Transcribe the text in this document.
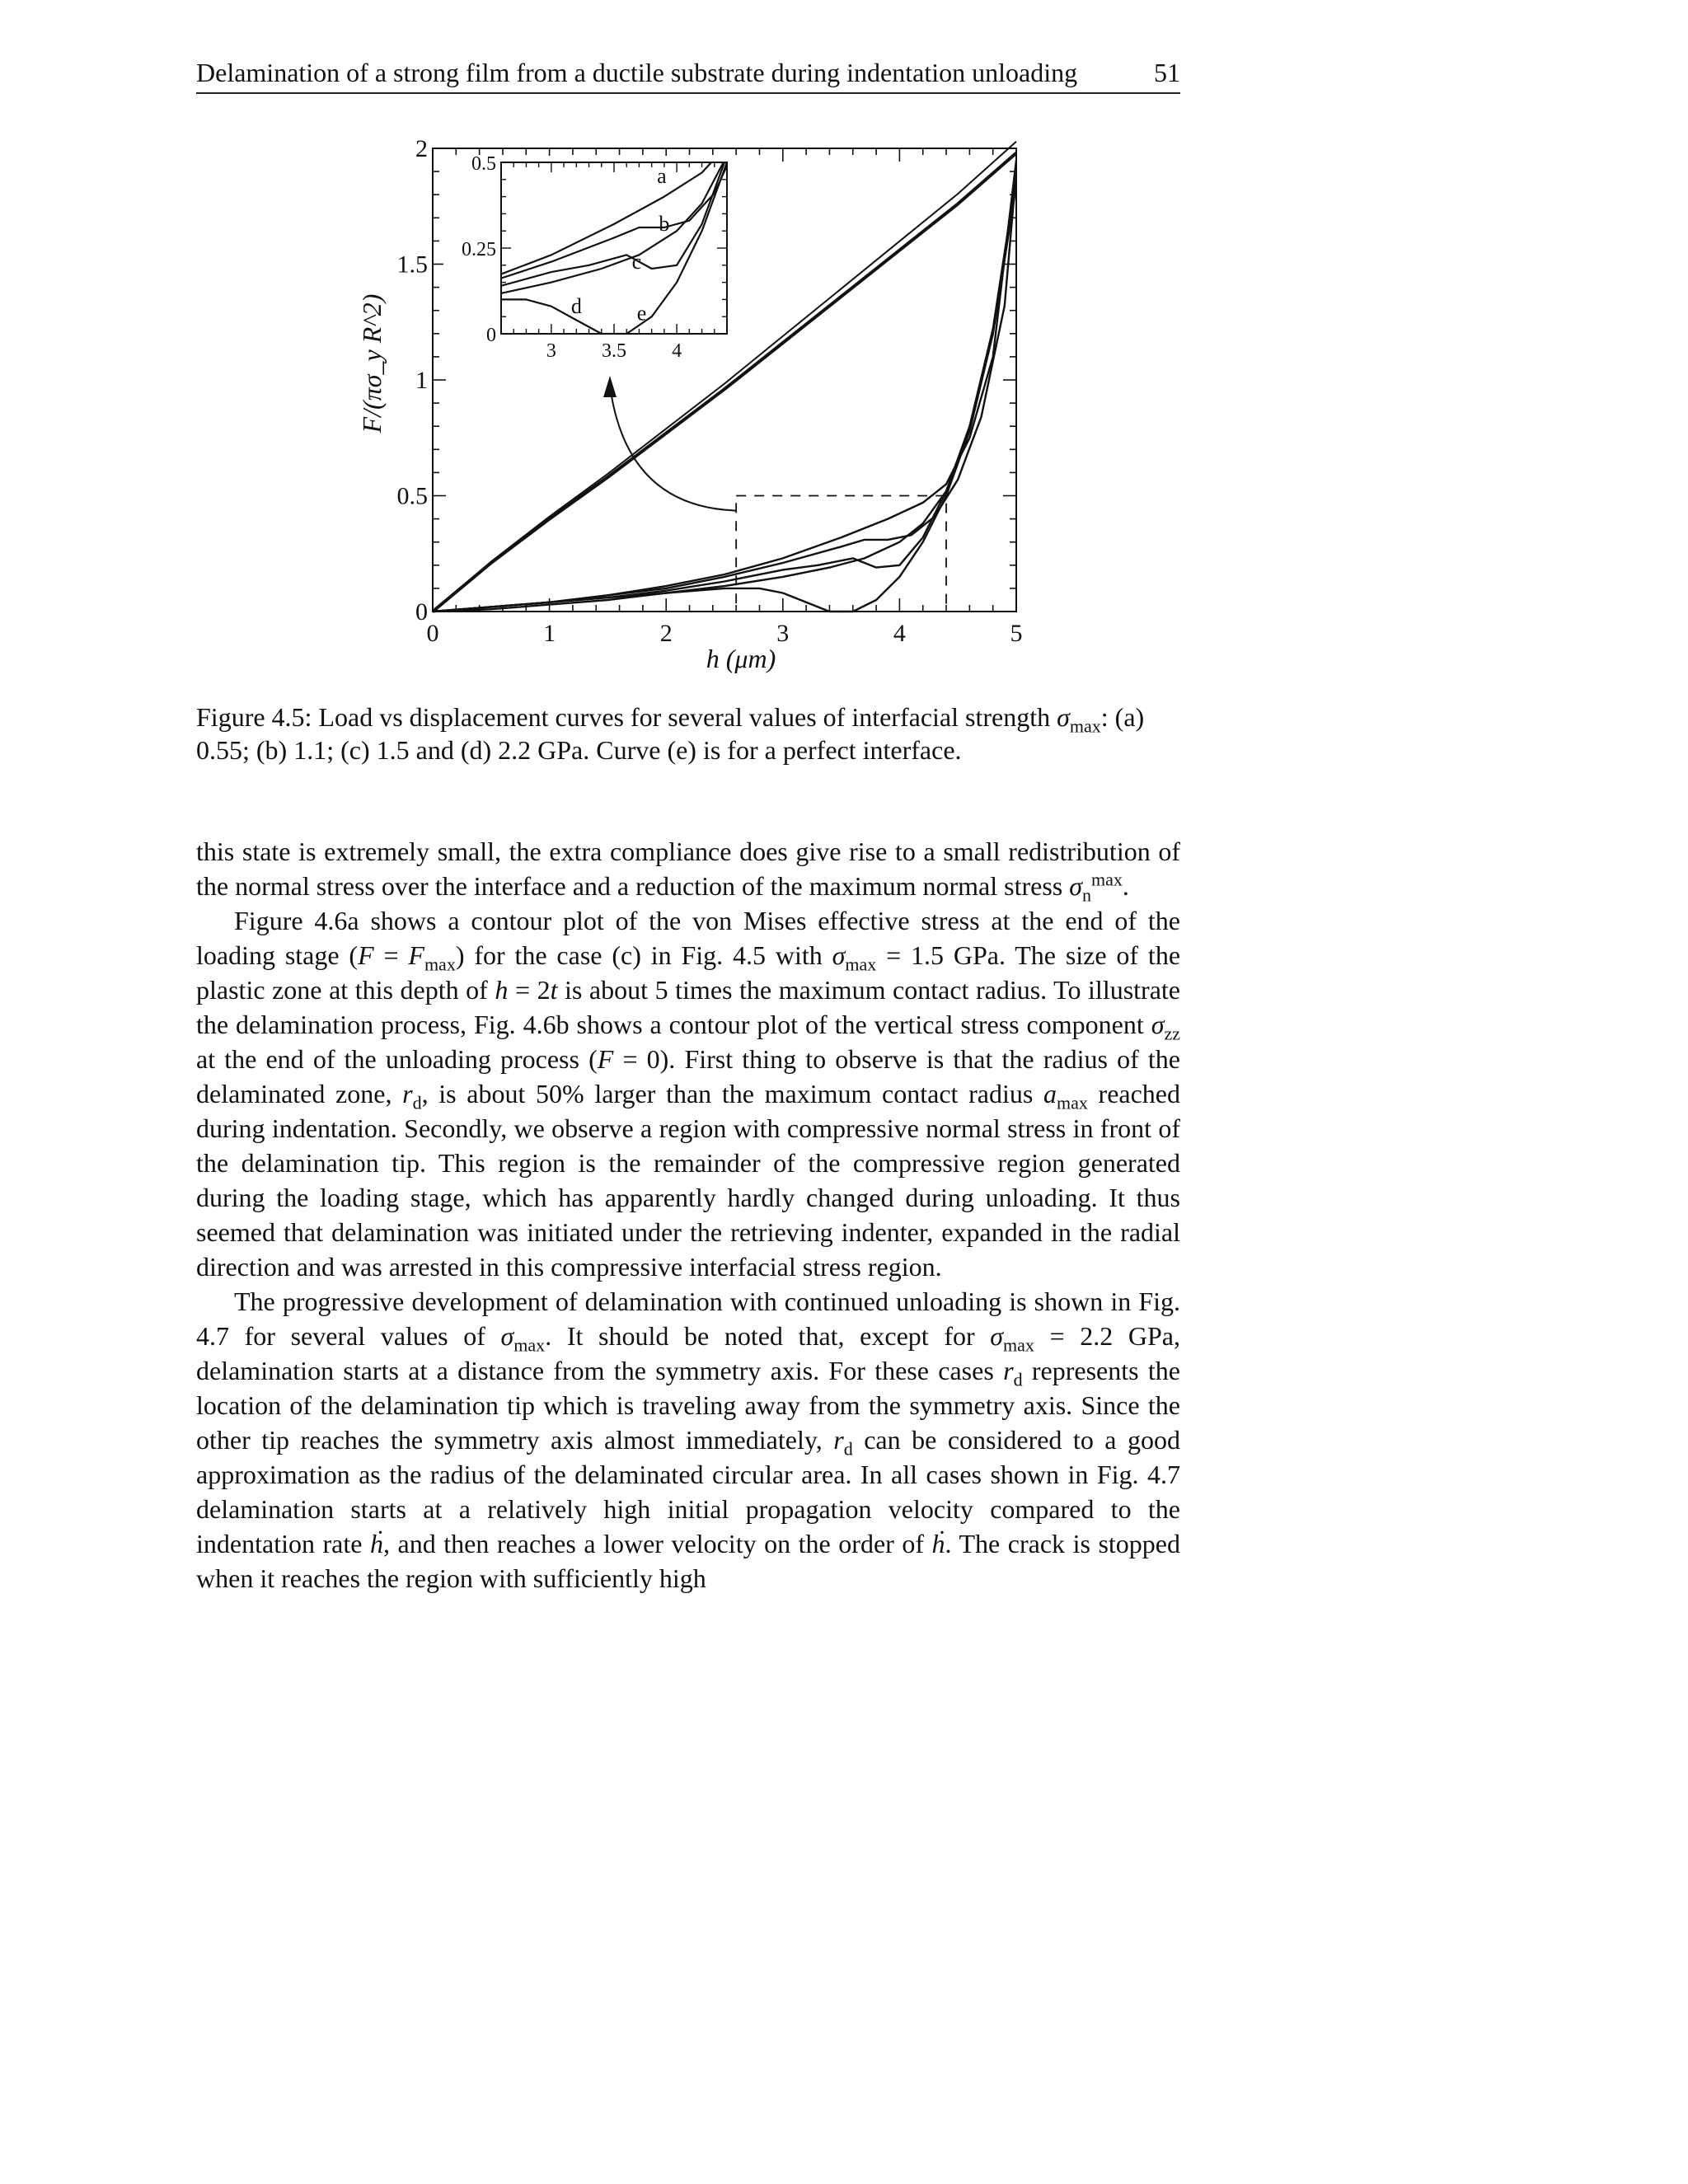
Delamination of a strong film from a ductile substrate during indentation unloading	51
0	1	2	3	4	5
0
0.5
1
1.5
2
h (μm)
F/(πσ_y R^2)	3 3.5 4
0
0.25
0.5	a
b
c
d	e
Figure 4.5: Load vs displacement curves for several values of interfacial strength $\sigma_{max}$: (a) 0.55; (b) 1.1; (c) 1.5 and (d) 2.2 GPa. Curve (e) is for a perfect interface.

this state is extremely small, the extra compliance does give rise to a small redistribution of the normal stress over the interface and a reduction of the maximum normal stress $\sigma_n^{max}$.

Figure 4.6a shows a contour plot of the von Mises effective stress at the end of the loading stage $(F = F_{max})$ for the case (c) in Fig. 4.5 with $\sigma_{max} = 1.5$ GPa. The size of the plastic zone at this depth of h = 2t is about 5 times the maximum contact radius. To illustrate the delamination process, Fig. 4.6b shows a contour plot of the vertical stress component $\sigma_{zz}$ at the end of the unloading process (F = 0). First thing to observe is that the radius of the delaminated zone, $r_d$, is about 50% larger than the maximum contact radius $a_{max}$ reached during indentation. Secondly, we observe a region with compressive normal stress in front of the delamination tip. This region is the remainder of the compressive region generated during the loading stage, which has apparently hardly changed during unloading. It thus seemed that delamination was initiated under the retrieving indenter, expanded in the radial direction and was arrested in this compressive interfacial stress region.

The progressive development of delamination with continued unloading is shown in Fig. 4.7 for several values of $\sigma_{max}$. It should be noted that, except for $\sigma_{max} = 2.2$ GPa, delamination starts at a distance from the symmetry axis. For these cases $r_d$ represents the location of the delamination tip which is traveling away from the symmetry axis. Since the other tip reaches the symmetry axis almost immediately, $r_d$ can be considered to a good approximation as the radius of the delaminated circular area. In all cases shown in Fig. 4.7 delamination starts at a relatively high initial propagation velocity compared to the indentation rate ḣ, and then reaches a lower velocity on the order of ḣ. The crack is stopped when it reaches the region with sufficiently high
